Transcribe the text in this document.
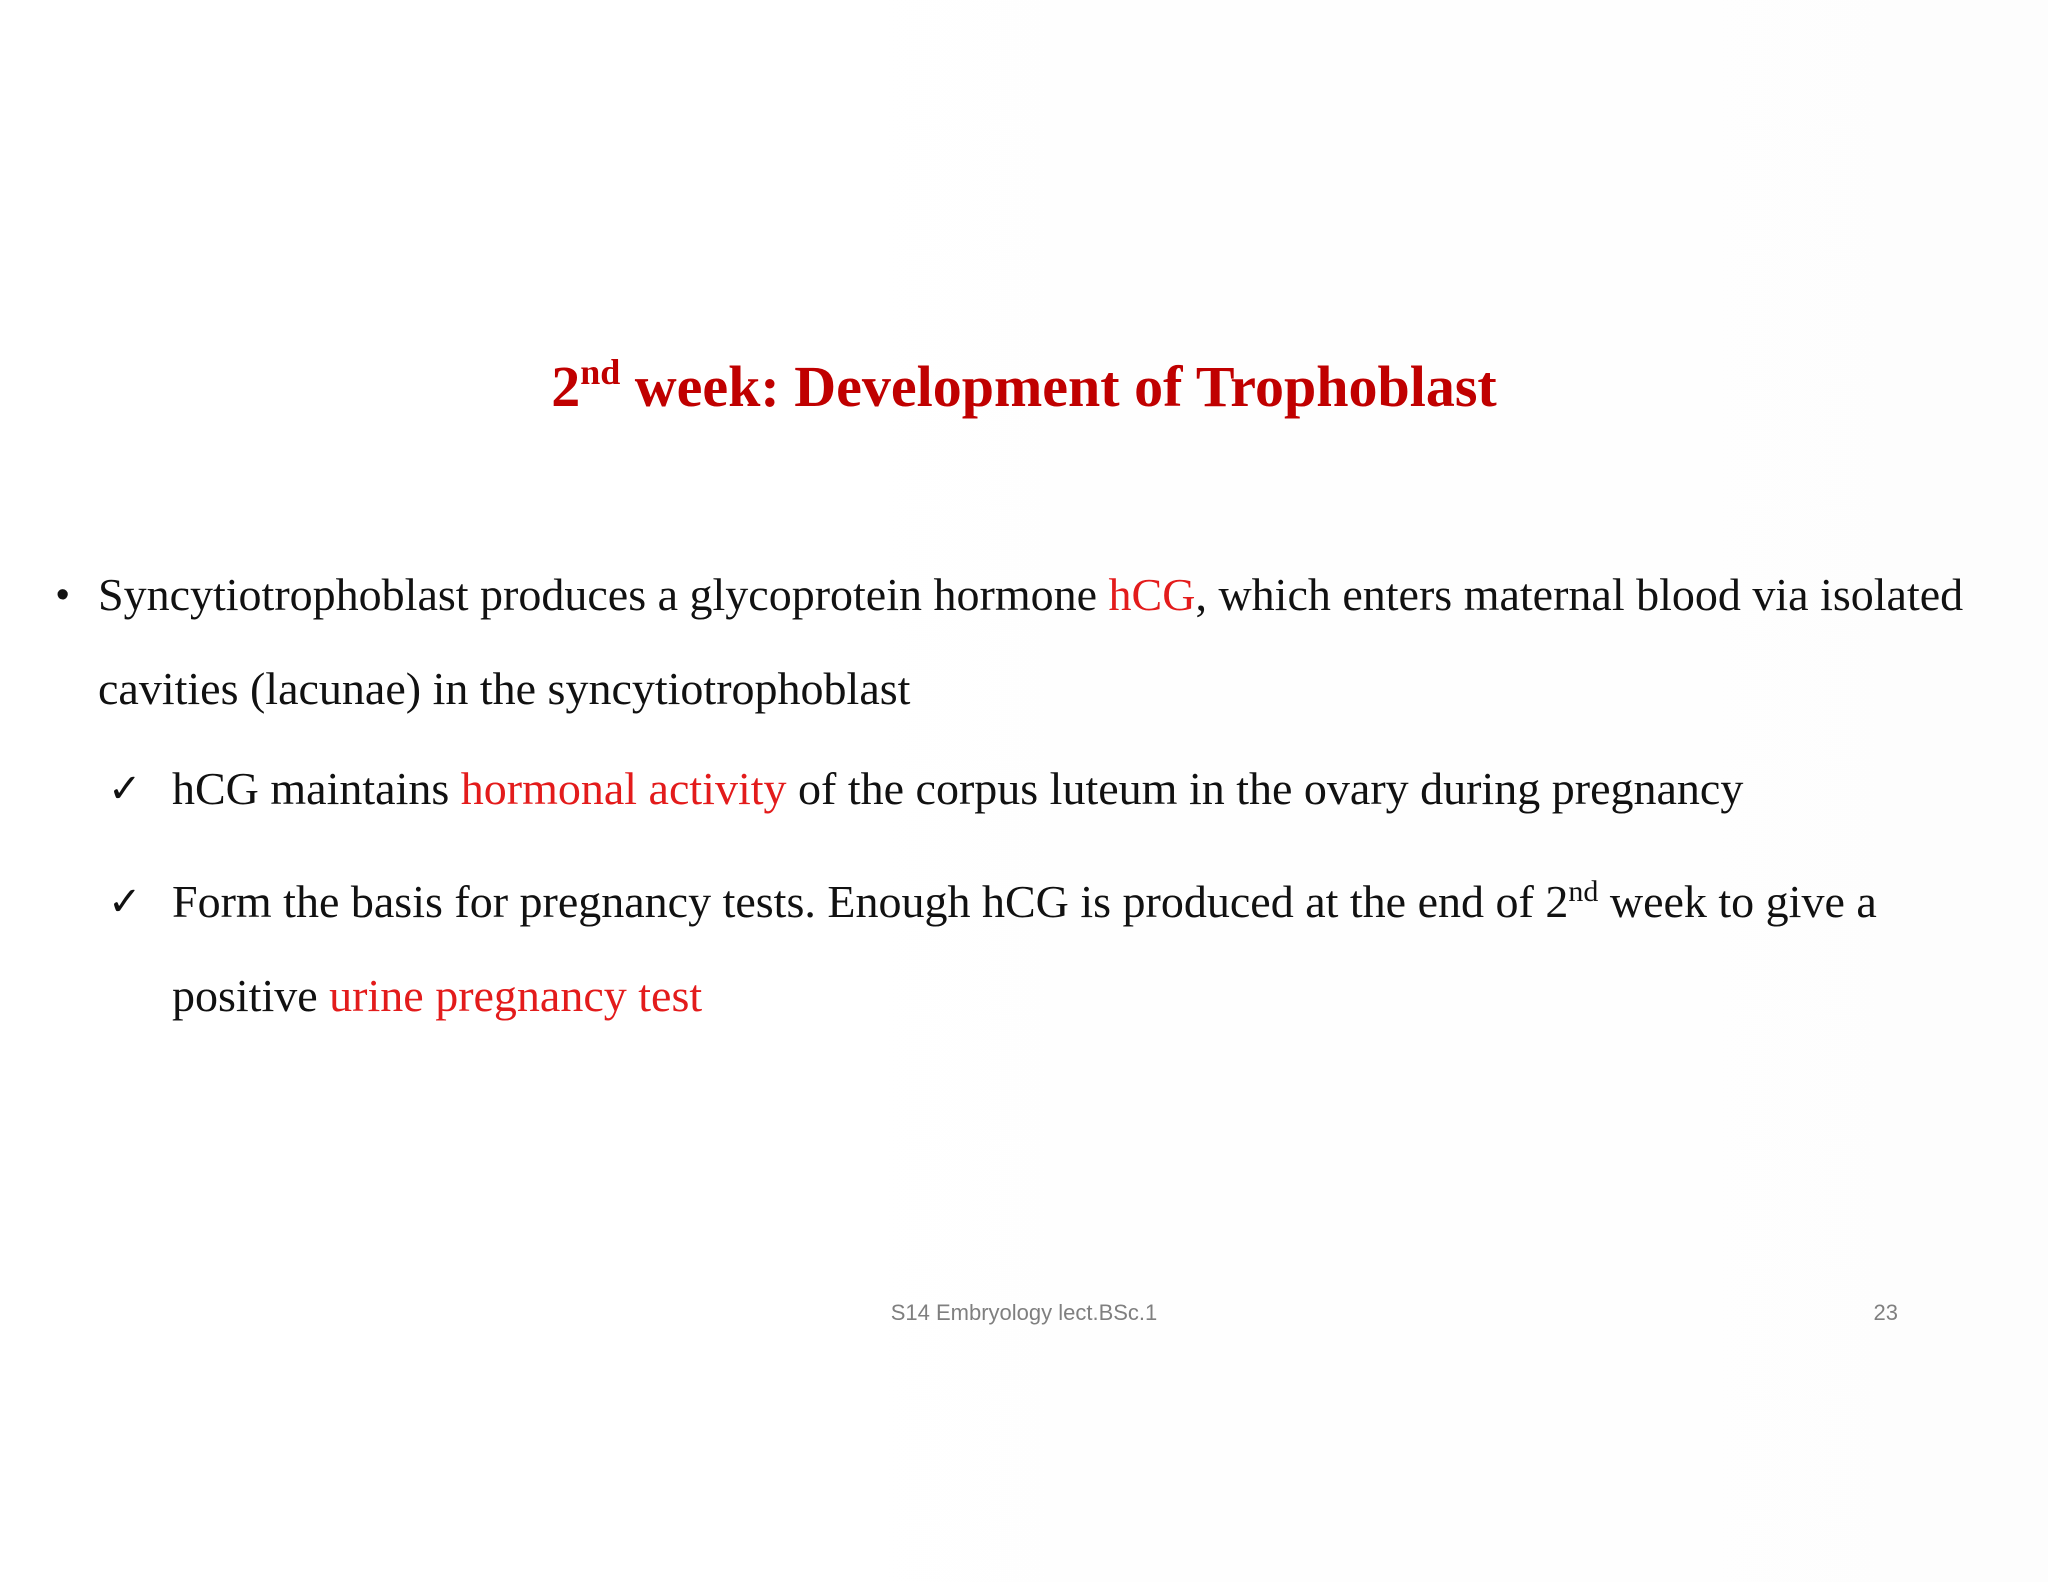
2nd week: Development of Trophoblast
• Syncytiotrophoblast produces a glycoprotein hormone hCG, which enters maternal blood via isolated cavities (lacunae) in the syncytiotrophoblast
✓ hCG maintains hormonal activity of the corpus luteum in the ovary during pregnancy
✓ Form the basis for pregnancy tests. Enough hCG is produced at the end of 2nd week to give a positive urine pregnancy test
S14 Embryology lect.BSc.1	23
